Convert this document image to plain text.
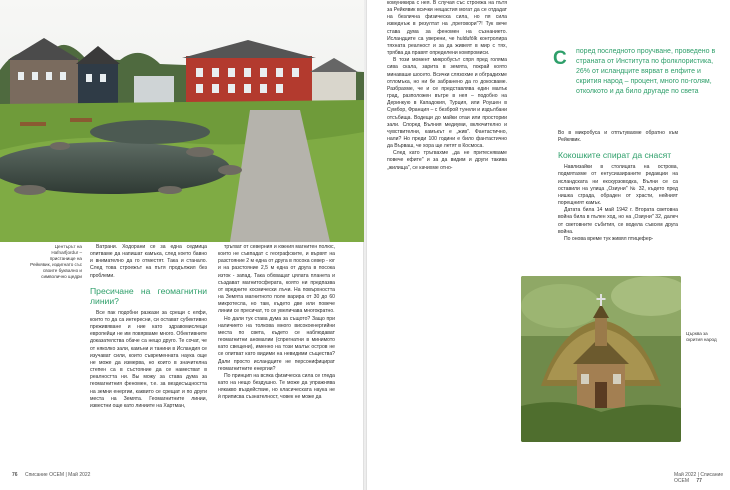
Центърът на Hafnarfjordur – пристанище на Рейкявик, издигнато със своите буквално и символично щедри

Ватрани. Ходорани се за една седмица опитваме да напишат камъка, след което бавно и внимателно да го отместят. Така и станало. След това строежът на пътя продължил без проблеми.

Пресичане на геомагнитни линии?

Все пак подобни разкази за срещи с елфи, които то да са интересни, си остават субективно преживяване и ние като здравомислещи европейци не им повярваме много. Обективните доказателства обаче са нещо друго. Те сочат, че от няколко зали, камъни и танини в Исландия се изучават сили, които съвременната наука още не може да измерва, но които в значителна степен са в състояние да се наместват в реалността ни. Вы можу за става дума за геомагнитния феномен, т.е. за вездесъщността на земни енергии, каквито се срещат и по други места на Земята. Геомагнитните линии, известни още като линиите на Хартман,

тръгват от северния и южния магнитен полюс, които не съвпадат с географските, и вървят на разстояние 2 м една от друга в посока север - юг и на разстояние 2,5 м една от друга в посока изток - запад. Така обхващат цялата планета и създават магнитосферата, която ни предпазва от вредните космически лъчи. На повърхността на Земята магнитното поле варира от 30 до 60 микротесла, но там, където две или повече линии се пресичат, то се увеличава многократно.

Но дали тук става дума за същото? Защо при наличието на толкова много високоенергийни места по света, където се наблюдават геомагнитни аномалии (спрегнатни в минимото като свещени), именно на този малък остров не се опитват като видими на невидими същества? Дали просто исландците не персонифицират геомагнитните енергии?

По принцип на всяка физическа сила се гледа като на нещо бездушно. Те може да упражнява някакво въздействие, но класическата наука не ѝ приписва съзнателност, човек не може да

комуникира с нея. В случая със строежа на пътя за Рейкявик всички нещастия могат да се отдадат на безлична физическа сила, но пя сила изведнъж в резултат на „преговори"?! Тук вече става дума за феномен на съзнанието. Исландците са уверени, че huldufólk контролира тяхната реалност и за да живеят в мир с тях, трябва да правят определени компромиси.

В този момент микробусът спря пред голяма сива скала, зарита в земята, покрай която минаваше шосето. Всички слязохме и обградихме отломъка, но ни бе забранено да го докосваме. Разбрахме, че и се представлява един малък град, разположен вътре в нея – подобно на Деринкую в Кападокия, Турция, или Роушен в Сумбор, Франция – с безброй тунели и издълбани отсъбища. Водещи до майки отаи или простории зали. Според Вълния медиуми, включително и чувствителни, камъкът е „жив". Фантастично, нали? Но преди 100 години е било фантастично да Върваш, че хора ще летят в Космоса.

След като тръгвахме „да не притесняваме повече ефите" и за да видим и други такива „жилища", се качихме отно-

С	поред последното проучване, проведено в страната от Института по фолклористика, 26% от исландците вярват в елфите и скрития народ – процент, много по-голям, отколкото и да било другаде по света

Во в микробуса и отпътувахме обратно към Рейкявик.

Кокошките спират да снасят

Навлизайки в столицата на острова, подмятахме от ентусиазираните редакции на исландската ни екскурзоводка, Вълни се са оставили на улица „Озиуни" № 32, където пред нишка сграда, обраден от храсти, нейният порещният камък.

Датата била 14 май 1942 г. Втората световна война била в пълен ход, но на „Озиуни" 32, далеч от световните събития, се водела съвсем друга война.

По онова време тук живял птицефер-

Църква за скрития народ
76 Списание ОСЕМ | Май 2022	Май 2022 | Списание ОСЕМ 77
